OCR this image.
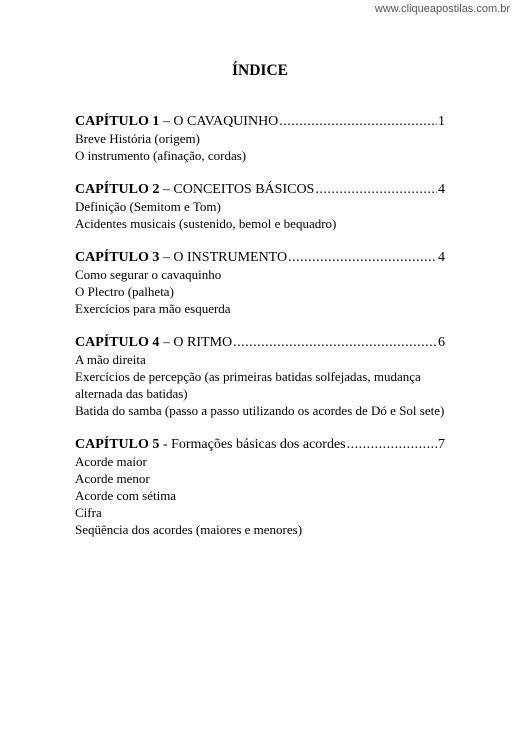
www.cliqueapostilas.com.br
ÍNDICE
CAPÍTULO 1 – O CAVAQUINHO .....	1
Breve História (origem)
O instrumento (afinação, cordas)
CAPÍTULO 2 – CONCEITOS BÁSICOS .....	4
Definição (Semitom e Tom)
Acidentes musicais (sustenido, bemol e bequadro)
CAPÍTULO 3 – O INSTRUMENTO .....	4
Como segurar o cavaquinho
O Plectro (palheta)
Exercícios para mão esquerda
CAPÍTULO 4 – O RITMO .....	6
A mão direita
Exercícios de percepção (as primeiras batidas solfejadas, mudança alternada das batidas)
Batida do samba (passo a passo utilizando os acordes de Dó e Sol sete)
CAPÍTULO 5 - Formações básicas dos acordes .....	7
Acorde maior
Acorde menor
Acorde com sétima
Cifra
Seqüência dos acordes (maiores e menores)
